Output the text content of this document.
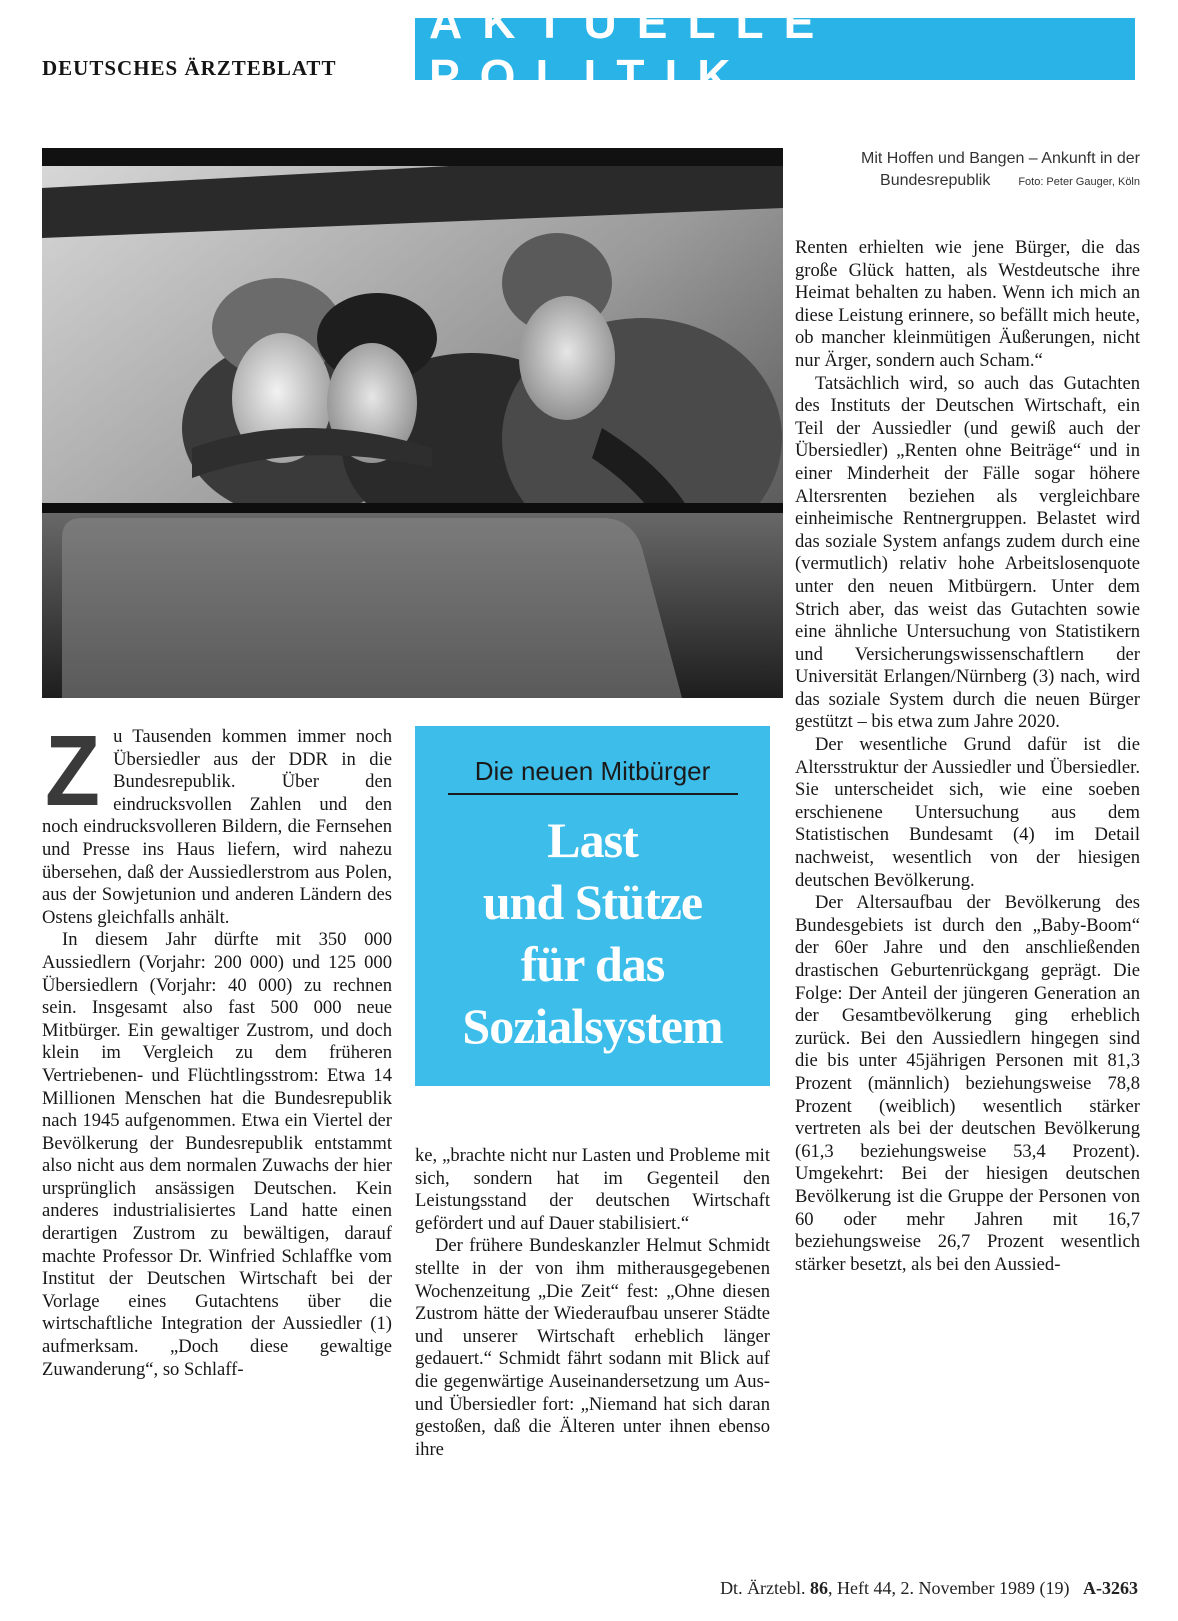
DEUTSCHES ÄRZTEBLATT
AKTUELLE POLITIK
Mit Hoffen und Bangen – Ankunft in der
Bundesrepublik	Foto: Peter Gauger, Köln

Zu Tausenden kommen immer noch Übersiedler aus der DDR in die Bundesrepublik. Über den eindrucksvollen Zahlen und den noch eindrucksvolleren Bildern, die Fernsehen und Presse ins Haus liefern, wird nahezu übersehen, daß der Aussiedlerstrom aus Polen, aus der Sowjetunion und anderen Ländern des Ostens gleichfalls anhält.

In diesem Jahr dürfte mit 350 000 Aussiedlern (Vorjahr: 200 000) und 125 000 Übersiedlern (Vorjahr: 40 000) zu rechnen sein. Insgesamt also fast 500 000 neue Mitbürger. Ein gewaltiger Zustrom, und doch klein im Vergleich zu dem früheren Vertriebenen- und Flüchtlingsstrom: Etwa 14 Millionen Menschen hat die Bundesrepublik nach 1945 aufgenommen. Etwa ein Viertel der Bevölkerung der Bundesrepublik entstammt also nicht aus dem normalen Zuwachs der hier ursprünglich ansässigen Deutschen. Kein anderes industrialisiertes Land hatte einen derartigen Zustrom zu bewältigen, darauf machte Professor Dr. Winfried Schlaffke vom Institut der Deutschen Wirtschaft bei der Vorlage eines Gutachtens über die wirtschaftliche Integration der Aussiedler (1) aufmerksam. „Doch diese gewaltige Zuwanderung“, so Schlaff-

Die neuen Mitbürger
Last
und Stütze
für das
Sozialsystem

ke, „brachte nicht nur Lasten und Probleme mit sich, sondern hat im Gegenteil den Leistungsstand der deutschen Wirtschaft gefördert und auf Dauer stabilisiert.“

Der frühere Bundeskanzler Helmut Schmidt stellte in der von ihm mitherausgegebenen Wochenzeitung „Die Zeit“ fest: „Ohne diesen Zustrom hätte der Wiederaufbau unserer Städte und unserer Wirtschaft erheblich länger gedauert.“ Schmidt fährt sodann mit Blick auf die gegenwärtige Auseinandersetzung um Aus- und Übersiedler fort: „Niemand hat sich daran gestoßen, daß die Älteren unter ihnen ebenso ihre

Renten erhielten wie jene Bürger, die das große Glück hatten, als Westdeutsche ihre Heimat behalten zu haben. Wenn ich mich an diese Leistung erinnere, so befällt mich heute, ob mancher kleinmütigen Äußerungen, nicht nur Ärger, sondern auch Scham.“

Tatsächlich wird, so auch das Gutachten des Instituts der Deutschen Wirtschaft, ein Teil der Aussiedler (und gewiß auch der Übersiedler) „Renten ohne Beiträge“ und in einer Minderheit der Fälle sogar höhere Altersrenten beziehen als vergleichbare einheimische Rentnergruppen. Belastet wird das soziale System anfangs zudem durch eine (vermutlich) relativ hohe Arbeitslosenquote unter den neuen Mitbürgern. Unter dem Strich aber, das weist das Gutachten sowie eine ähnliche Untersuchung von Statistikern und Versicherungswissenschaftlern der Universität Erlangen/Nürnberg (3) nach, wird das soziale System durch die neuen Bürger gestützt – bis etwa zum Jahre 2020.

Der wesentliche Grund dafür ist die Altersstruktur der Aussiedler und Übersiedler. Sie unterscheidet sich, wie eine soeben erschienene Untersuchung aus dem Statistischen Bundesamt (4) im Detail nachweist, wesentlich von der hiesigen deutschen Bevölkerung.

Der Altersaufbau der Bevölkerung des Bundesgebiets ist durch den „Baby-Boom“ der 60er Jahre und den anschließenden drastischen Geburtenrückgang geprägt. Die Folge: Der Anteil der jüngeren Generation an der Gesamtbevölkerung ging erheblich zurück. Bei den Aussiedlern hingegen sind die bis unter 45jährigen Personen mit 81,3 Prozent (männlich) beziehungsweise 78,8 Prozent (weiblich) wesentlich stärker vertreten als bei der deutschen Bevölkerung (61,3 beziehungsweise 53,4 Prozent). Umgekehrt: Bei der hiesigen deutschen Bevölkerung ist die Gruppe der Personen von 60 oder mehr Jahren mit 16,7 beziehungsweise 26,7 Prozent wesentlich stärker besetzt, als bei den Aussied-

Dt. Ärztebl. 86, Heft 44, 2. November 1989 (19) A-3263
